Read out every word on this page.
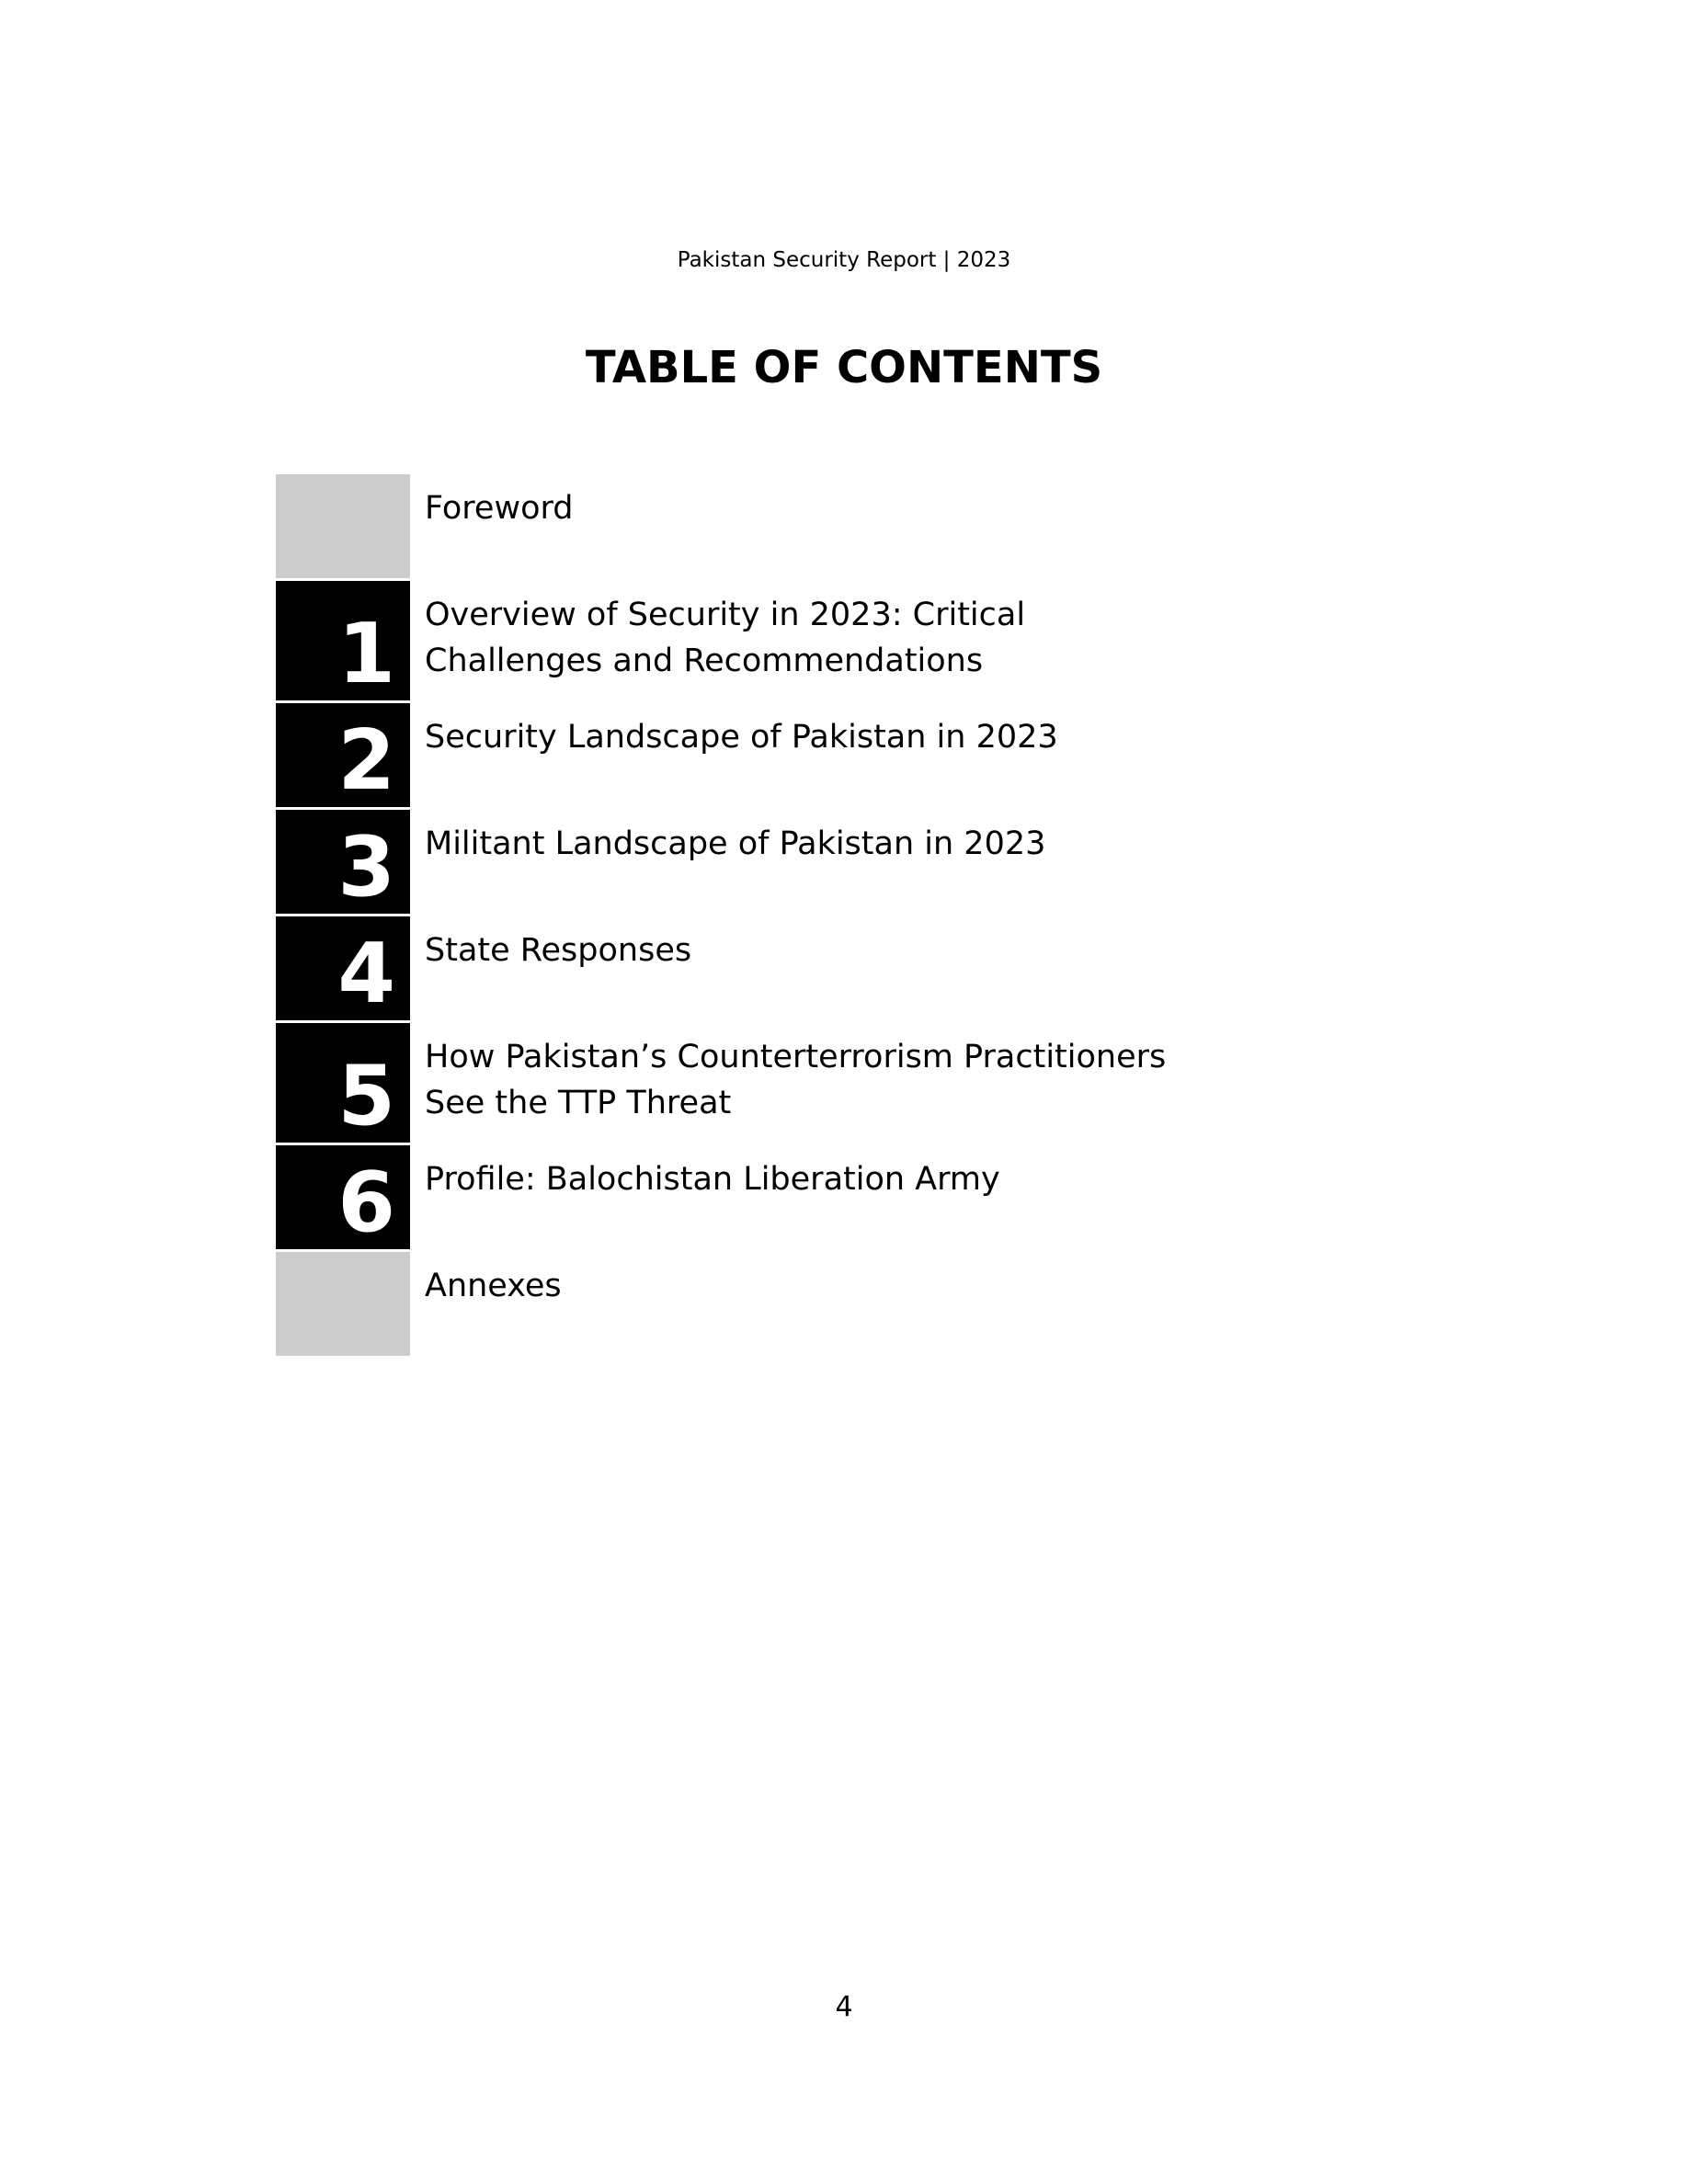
Pakistan Security Report | 2023
TABLE OF CONTENTS
Foreword
1 Overview of Security in 2023: Critical Challenges and Recommendations
2 Security Landscape of Pakistan in 2023
3 Militant Landscape of Pakistan in 2023
4 State Responses
5 How Pakistan’s Counterterrorism Practitioners See the TTP Threat
6 Profile: Balochistan Liberation Army
Annexes
4
